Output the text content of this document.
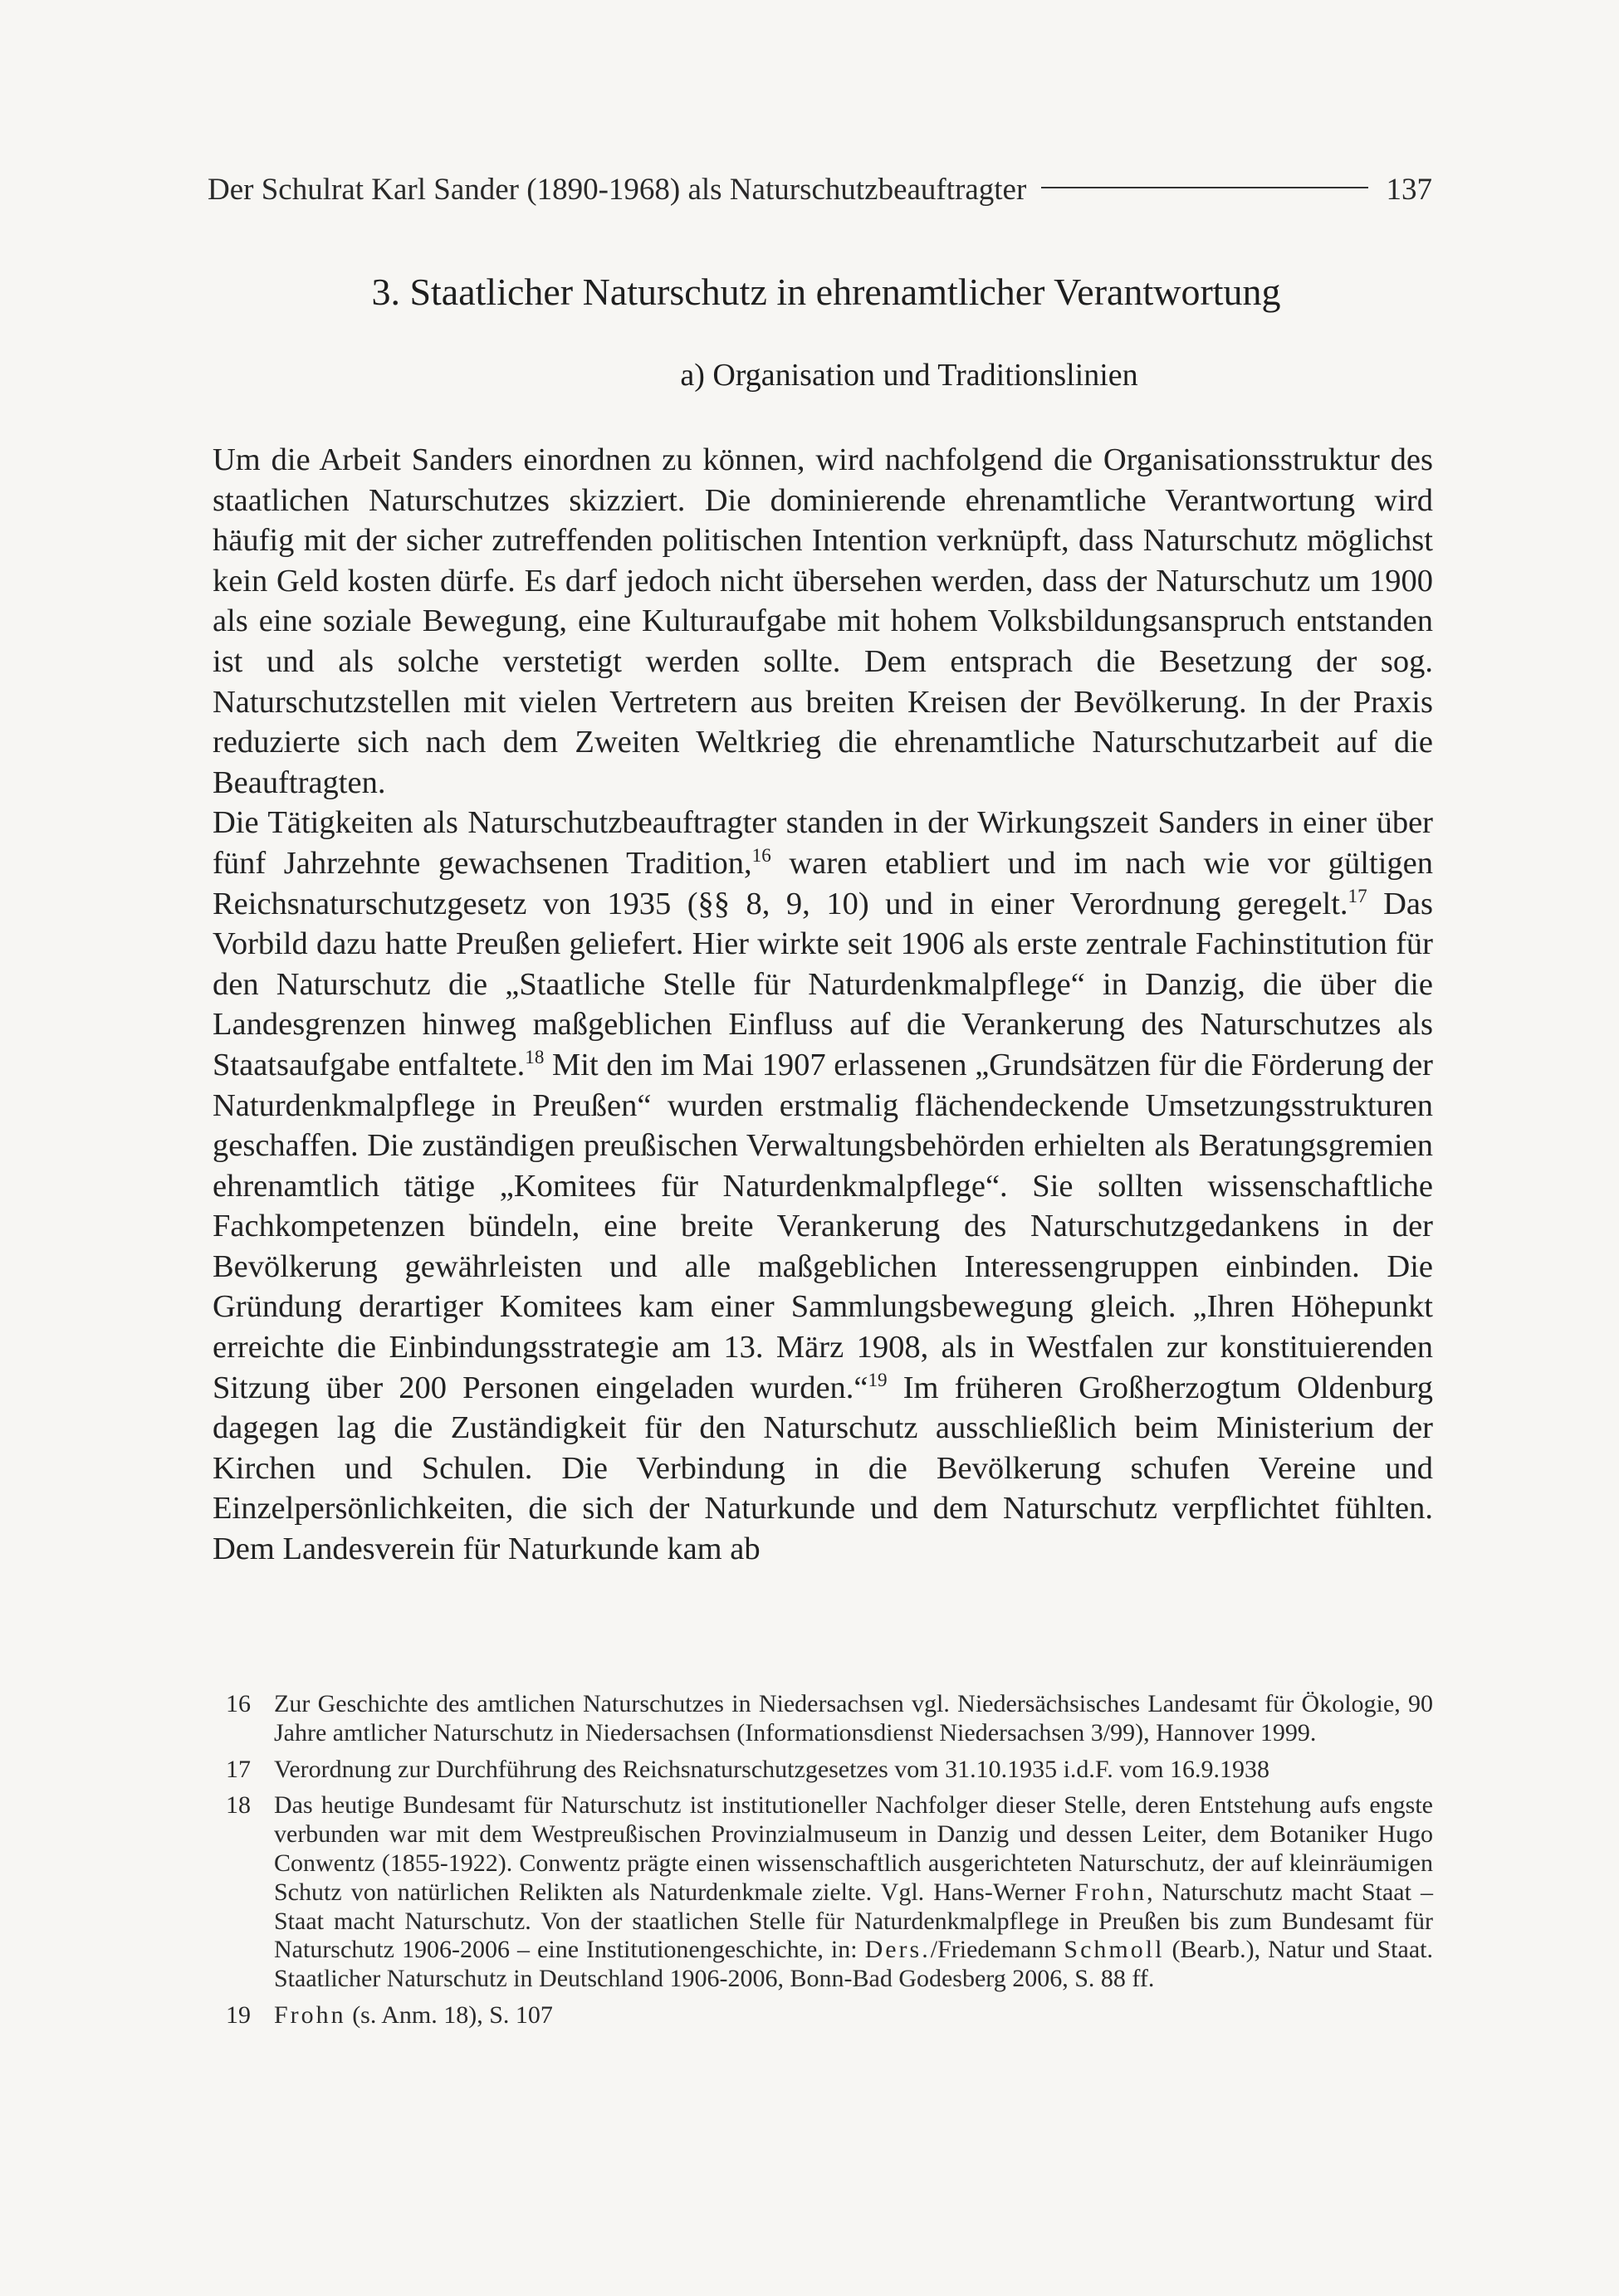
Der Schulrat Karl Sander (1890-1968) als Naturschutzbeauftragter	137
3. Staatlicher Naturschutz in ehrenamtlicher Verantwortung
a) Organisation und Traditionslinien

Um die Arbeit Sanders einordnen zu können, wird nachfolgend die Organisationsstruktur des staatlichen Naturschutzes skizziert. Die dominierende ehrenamtliche Verantwortung wird häufig mit der sicher zutreffenden politischen Intention verknüpft, dass Naturschutz möglichst kein Geld kosten dürfe. Es darf jedoch nicht übersehen werden, dass der Naturschutz um 1900 als eine soziale Bewegung, eine Kulturaufgabe mit hohem Volksbildungsanspruch entstanden ist und als solche verstetigt werden sollte. Dem entsprach die Besetzung der sog. Naturschutzstellen mit vielen Vertretern aus breiten Kreisen der Bevölkerung. In der Praxis reduzierte sich nach dem Zweiten Weltkrieg die ehrenamtliche Naturschutzarbeit auf die Beauftragten.

Die Tätigkeiten als Naturschutzbeauftragter standen in der Wirkungszeit Sanders in einer über fünf Jahrzehnte gewachsenen Tradition,$^{16}$ waren etabliert und im nach wie vor gültigen Reichsnaturschutzgesetz von 1935 (§§ 8, 9, 10) und in einer Verordnung geregelt.$^{17}$ Das Vorbild dazu hatte Preußen geliefert. Hier wirkte seit 1906 als erste zentrale Fachinstitution für den Naturschutz die „Staatliche Stelle für Naturdenkmalpflege“ in Danzig, die über die Landesgrenzen hinweg maßgeblichen Einfluss auf die Verankerung des Naturschutzes als Staatsaufgabe entfaltete.$^{18}$ Mit den im Mai 1907 erlassenen „Grundsätzen für die Förderung der Naturdenkmalpflege in Preußen“ wurden erstmalig flächendeckende Umsetzungsstrukturen geschaffen. Die zuständigen preußischen Verwaltungsbehörden erhielten als Beratungsgremien ehrenamtlich tätige „Komitees für Naturdenkmalpflege“. Sie sollten wissenschaftliche Fachkompetenzen bündeln, eine breite Verankerung des Naturschutzgedankens in der Bevölkerung gewährleisten und alle maßgeblichen Interessengruppen einbinden. Die Gründung derartiger Komitees kam einer Sammlungsbewegung gleich. „Ihren Höhepunkt erreichte die Einbindungsstrategie am 13. März 1908, als in Westfalen zur konstituierenden Sitzung über 200 Personen eingeladen wurden.“$^{19}$ Im früheren Großherzogtum Oldenburg dagegen lag die Zuständigkeit für den Naturschutz ausschließlich beim Ministerium der Kirchen und Schulen. Die Verbindung in die Bevölkerung schufen Vereine und Einzelpersönlichkeiten, die sich der Naturkunde und dem Naturschutz verpflichtet fühlten. Dem Landesverein für Naturkunde kam ab

16 Zur Geschichte des amtlichen Naturschutzes in Niedersachsen vgl. Niedersächsisches Landesamt für Ökologie, 90 Jahre amtlicher Naturschutz in Niedersachsen (Informationsdienst Niedersachsen 3/99), Hannover 1999.
17 Verordnung zur Durchführung des Reichsnaturschutzgesetzes vom 31.10.1935 i.d.F. vom 16.9.1938
18 Das heutige Bundesamt für Naturschutz ist institutioneller Nachfolger dieser Stelle, deren Entstehung aufs engste verbunden war mit dem Westpreußischen Provinzialmuseum in Danzig und dessen Leiter, dem Botaniker Hugo Conwentz (1855-1922). Conwentz prägte einen wissenschaftlich ausgerichteten Naturschutz, der auf kleinräumigen Schutz von natürlichen Relikten als Naturdenkmale zielte. Vgl. Hans-Werner Frohn, Naturschutz macht Staat – Staat macht Naturschutz. Von der staatlichen Stelle für Naturdenkmalpflege in Preußen bis zum Bundesamt für Naturschutz 1906-2006 – eine Institutionengeschichte, in: Ders./Friedemann Schmoll (Bearb.), Natur und Staat. Staatlicher Naturschutz in Deutschland 1906-2006, Bonn-Bad Godesberg 2006, S. 88 ff.
19 Frohn (s. Anm. 18), S. 107
